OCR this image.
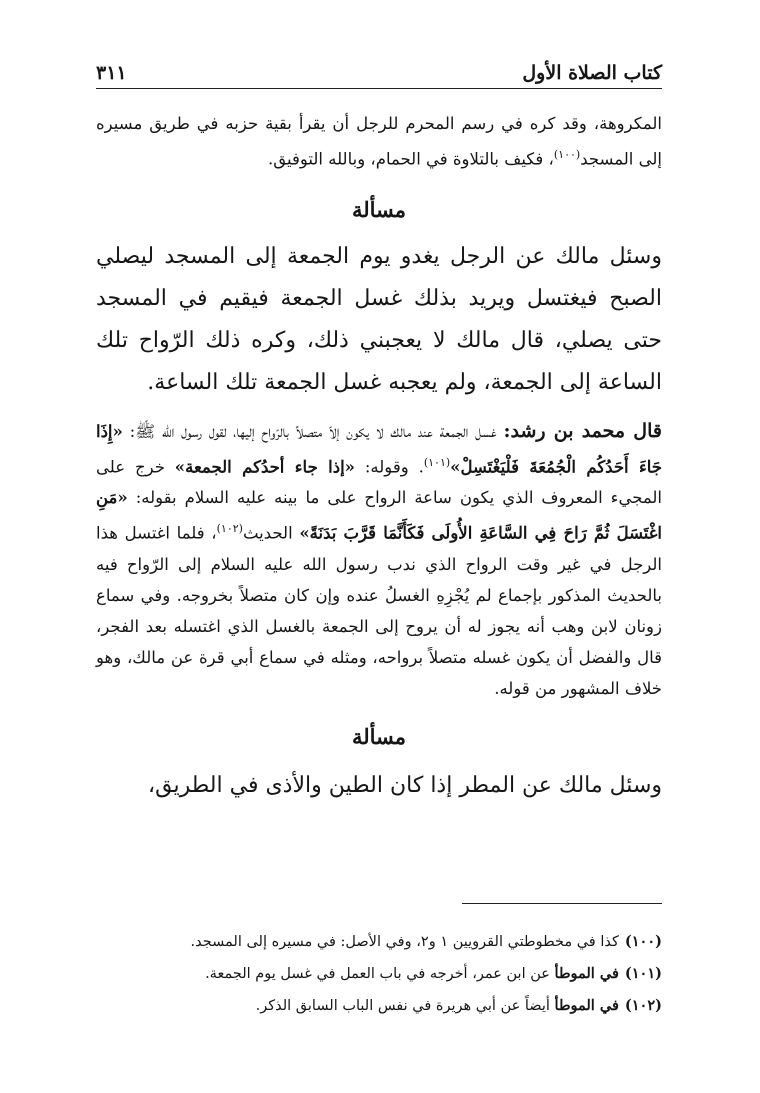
كتاب الصلاة الأول
٣١١

المكروهة، وقد كره في رسم المحرم للرجل أن يقرأ بقية حزبه في طريق مسيره إلى المسجد$^{(١٠٠)}$، فكيف بالتلاوة في الحمام، وبالله التوفيق.

مسألة

وسئل مالك عن الرجل يغدو يوم الجمعة إلى المسجد ليصلي الصبح فيغتسل ويريد بذلك غسل الجمعة فيقيم في المسجد حتى يصلي، قال مالك لا يعجبني ذلك، وكره ذلك الرّواح تلك الساعة إلى الجمعة، ولم يعجبه غسل الجمعة تلك الساعة.

قال محمد بن رشد: غسل الجمعة عند مالك لا يكون إلاّ متصلاً بالرّواح إليها، لقول رسول الله ﷺ: «إِذَا جَاءَ أَحَدُكُم الْجُمُعَةَ فَلْيَغْتَسِلْ»$^{(١٠١)}$. وقوله: «إذا جاء أحدُكم الجمعة» خرج على المجيء المعروف الذي يكون ساعة الرواح على ما بينه عليه السلام بقوله: «مَنِ اغْتَسَلَ ثُمَّ رَاحَ فِي السَّاعَةِ الأُولَى فَكَأَنَّمَا قَرَّبَ بَدَنَةً» الحديث$^{(١٠٢)}$، فلما اغتسل هذا الرجل في غير وقت الرواح الذي ندب رسول الله عليه السلام إلى الرّواح فيه بالحديث المذكور بإجماع لم يُجْزِهِ الغسلُ عنده وإن كان متصلاً بخروجه. وفي سماع زونان لابن وهب أنه يجوز له أن يروح إلى الجمعة بالغسل الذي اغتسله بعد الفجر، قال والفضل أن يكون غسله متصلاً برواحه، ومثله في سماع أبي قرة عن مالك، وهو خلاف المشهور من قوله.

مسألة

وسئل مالك عن المطر إذا كان الطين والأذى في الطريق،

(١٠٠)كذا في مخطوطتي القرويين ١ و٢، وفي الأصل: في مسيره إلى المسجد.
(١٠١)في الموطأ عن ابن عمر، أخرجه في باب العمل في غسل يوم الجمعة.
(١٠٢)في الموطأ أيضاً عن أبي هريرة في نفس الباب السابق الذكر.
